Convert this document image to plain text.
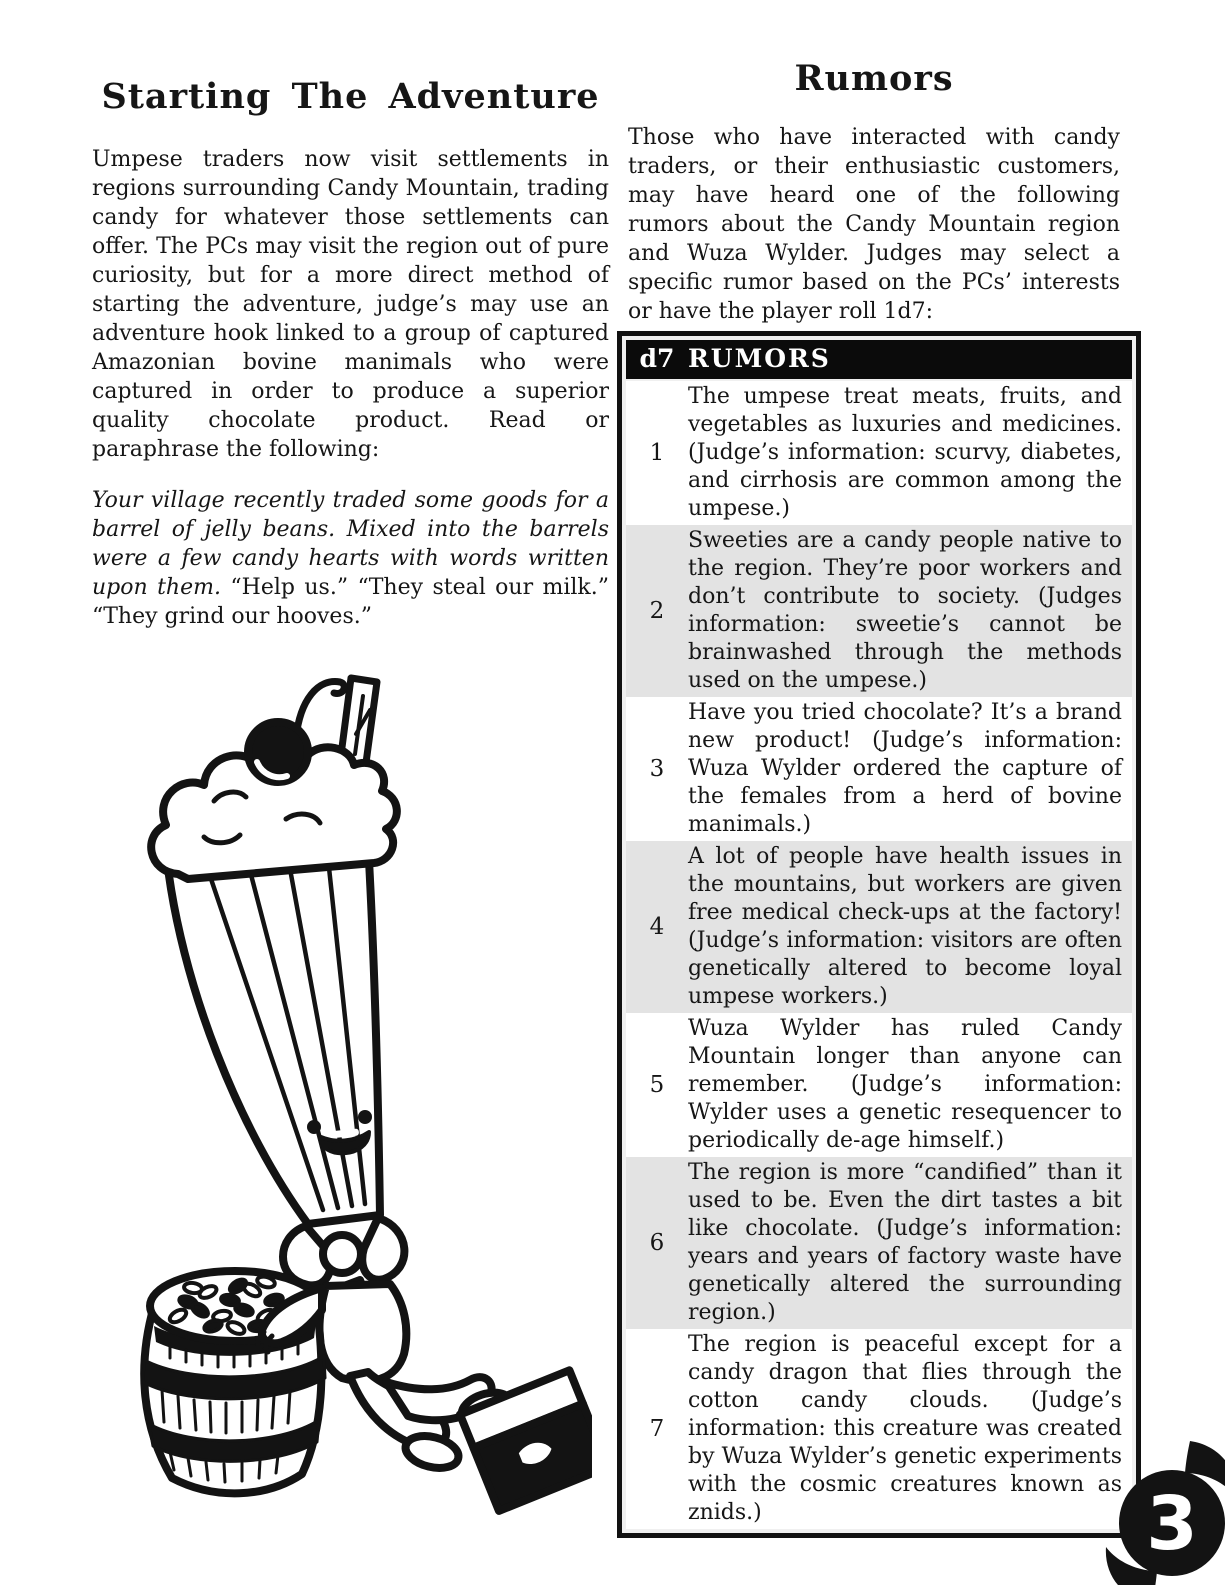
Starting The Adventure

Umpese traders now visit settlements in regions surrounding Candy Mountain, trading candy for whatever those settlements can offer. The PCs may visit the region out of pure curiosity, but for a more direct method of starting the adventure, judge’s may use an adventure hook linked to a group of captured Amazonian bovine manimals who were captured in order to produce a superior quality chocolate product. Read or paraphrase the following:

Your village recently traded some goods for a barrel of jelly beans. Mixed into the barrels were a few candy hearts with words written upon them. “Help us.” “They steal our milk.” “They grind our hooves.”

Rumors

Those who have interacted with candy traders, or their enthusiastic customers, may have heard one of the following rumors about the Candy Mountain region and Wuza Wylder. Judges may select a specific rumor based on the PCs’ interests or have the player roll 1d7:

d7 RUMORS
1
The umpese treat meats, fruits, and vegetables as luxuries and medicines. (Judge’s information: scurvy, diabetes, and cirrhosis are common among the umpese.)
2
Sweeties are a candy people native to the region. They’re poor workers and don’t contribute to society. (Judges information: sweetie’s cannot be brainwashed through the methods used on the umpese.)
3
Have you tried chocolate? It’s a brand new product! (Judge’s information: Wuza Wylder ordered the capture of the females from a herd of bovine manimals.)
4
A lot of people have health issues in the mountains, but workers are given free medical check-ups at the factory! (Judge’s information: visitors are often genetically altered to become loyal umpese workers.)
5
Wuza Wylder has ruled Candy Mountain longer than anyone can remember. (Judge’s information: Wylder uses a genetic resequencer to periodically de-age himself.)
6
The region is more “candified” than it used to be. Even the dirt tastes a bit like chocolate. (Judge’s information: years and years of factory waste have genetically altered the surrounding region.)
7
The region is peaceful except for a candy dragon that flies through the cotton candy clouds. (Judge’s information: this creature was created by Wuza Wylder’s genetic experiments with the cosmic creatures known as znids.)	3
